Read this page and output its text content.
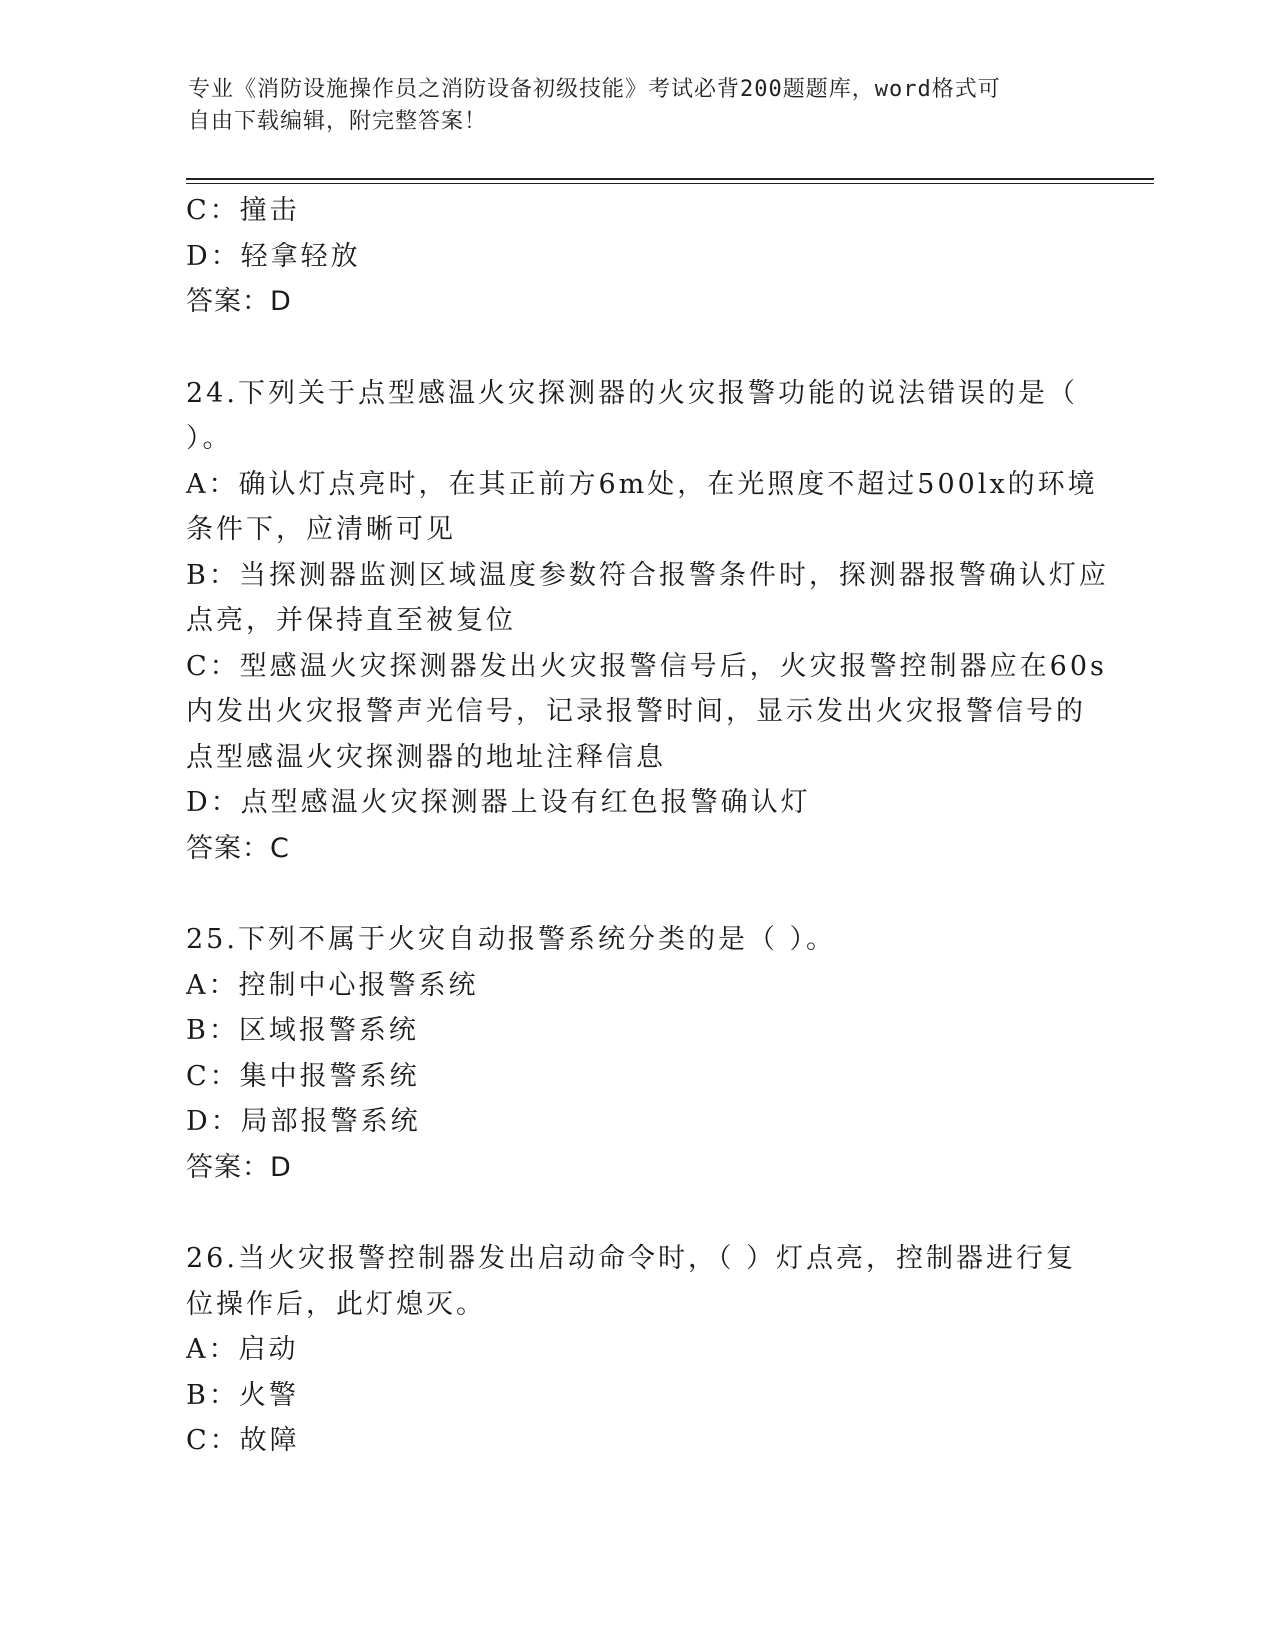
专业《消防设施操作员之消防设备初级技能》考试必背200题题库，word格式可
自由下载编辑，附完整答案！
C：撞击
D：轻拿轻放
答案：D
24.下列关于点型感温火灾探测器的火灾报警功能的说法错误的是（
）。
A：确认灯点亮时，在其正前方6m处，在光照度不超过500lx的环境
条件下，应清晰可见
B：当探测器监测区域温度参数符合报警条件时，探测器报警确认灯应
点亮，并保持直至被复位
C：型感温火灾探测器发出火灾报警信号后，火灾报警控制器应在60s
内发出火灾报警声光信号，记录报警时间，显示发出火灾报警信号的
点型感温火灾探测器的地址注释信息
D：点型感温火灾探测器上设有红色报警确认灯
答案：C
25.下列不属于火灾自动报警系统分类的是（ ）。
A：控制中心报警系统
B：区域报警系统
C：集中报警系统
D：局部报警系统
答案：D
26.当火灾报警控制器发出启动命令时，（ ）灯点亮，控制器进行复
位操作后，此灯熄灭。
A：启动
B：火警
C：故障
